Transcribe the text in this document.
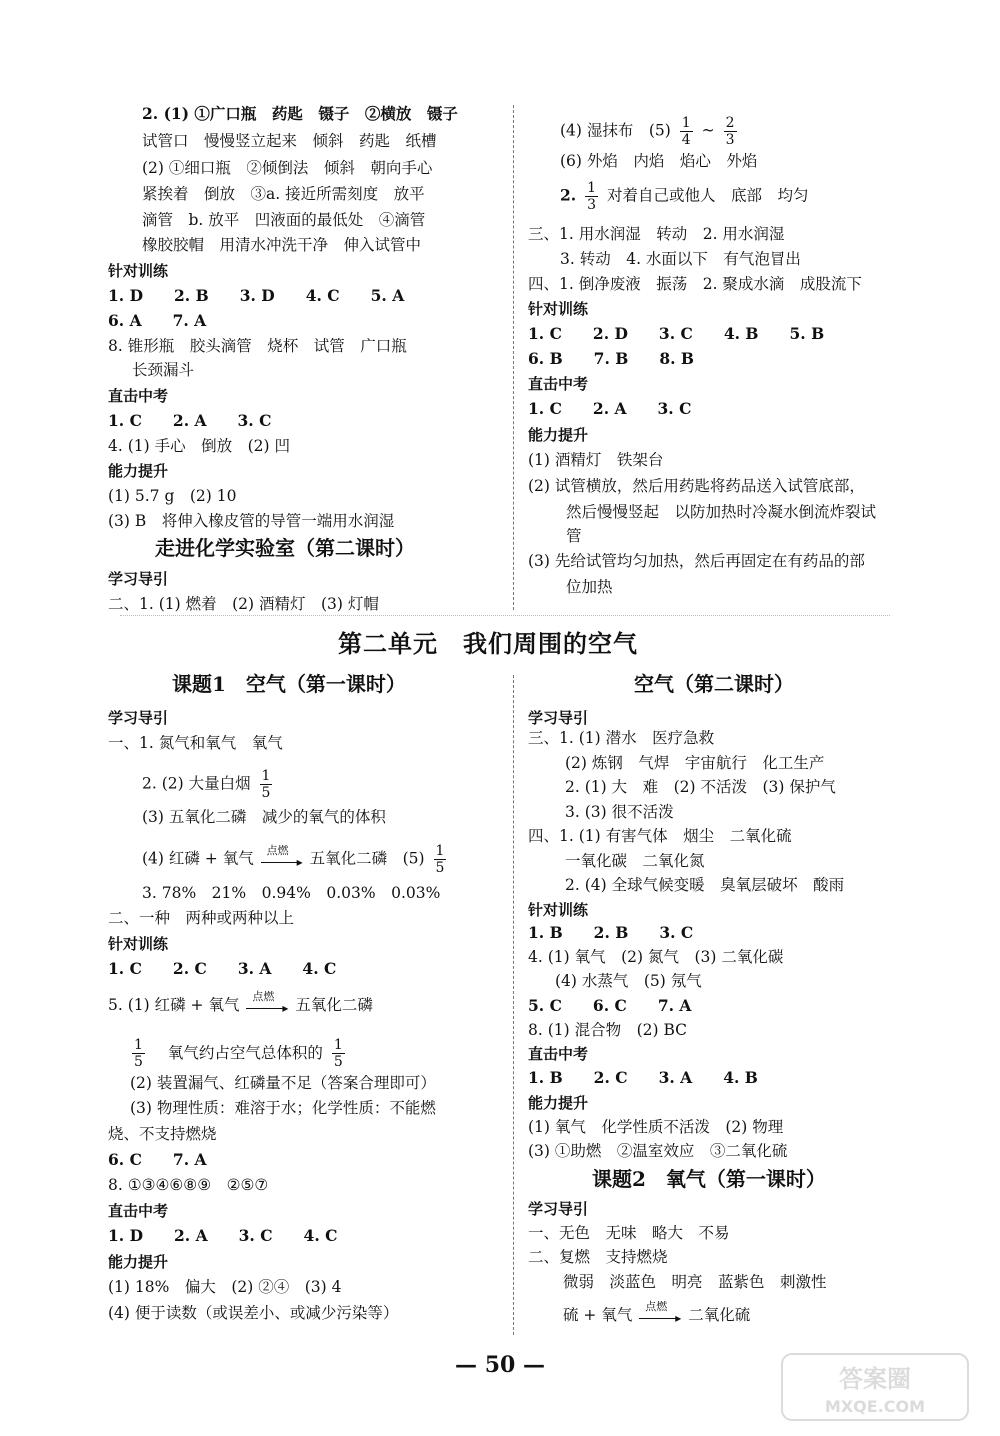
2. (1) ①广口瓶　药匙　镊子　②横放　镊子
试管口　慢慢竖立起来　倾斜　药匙　纸槽
(2) ①细口瓶　②倾倒法　倾斜　朝向手心
紧挨着　倒放　③a. 接近所需刻度　放平
滴管　b. 放平　凹液面的最低处　④滴管
橡胶胶帽　用清水冲洗干净　伸入试管中
针对训练
1. D　　2. B　　3. D　　4. C　　5. A
6. A　　7. A
8. 锥形瓶　胶头滴管　烧杯　试管　广口瓶
长颈漏斗
直击中考
1. C　　2. A　　3. C
4. (1) 手心　倒放　(2) 凹
能力提升
(1) 5.7 g　(2) 10
(3) B　将伸入橡皮管的导管一端用水润湿
走进化学实验室（第二课时）
学习导引
二、1. (1) 燃着　(2) 酒精灯　(3) 灯帽
(4) 湿抹布　$(5) \frac{1}{4}$ ~ $\frac{2}{3}$
(6) 外焰　内焰　焰心　外焰
2. $\frac{1}{3}$ 对着自己或他人　底部　均匀
三、1. 用水润湿　转动　2. 用水润湿
3. 转动　4. 水面以下　有气泡冒出
四、1. 倒净废液　振荡　2. 聚成水滴　成股流下
针对训练
1. C　　2. D　　3. C　　4. B　　5. B
6. B　　7. B　　8. B
直击中考
1. C　　2. A　　3. C
能力提升
(1) 酒精灯　铁架台
(2) 试管横放，然后用药匙将药品送入试管底部，
然后慢慢竖起　以防加热时冷凝水倒流炸裂试
管
(3) 先给试管均匀加热，然后再固定在有药品的部
位加热
第二单元　我们周围的空气
课题1　空气（第一课时）
学习导引
一、1. 氮气和氧气　氧气
2. (2) 大量白烟 $\frac{1}{5}$
(3) 五氧化二磷　减少的氧气的体积
(4) 红磷 + 氧气 点燃
▸ 五氧化二磷　$(5) \frac{1}{5}$
3. 78%　21%　0.94%　0.03%　0.03%
二、一种　两种或两种以上
针对训练
1. C　　2. C　　3. A　　4. C
5. (1) 红磷 + 氧气 点燃
▸ 五氧化二磷
$\frac{1}{5}$ 氧气约占空气总体积的 $\frac{1}{5}$
(2) 装置漏气、红磷量不足（答案合理即可）
(3) 物理性质：难溶于水；化学性质：不能燃
烧、不支持燃烧
6. C　　7. A
8. ①③④⑥⑧⑨　②⑤⑦
直击中考
1. D　　2. A　　3. C　　4. C
能力提升
(1) 18%　偏大　(2) ②④　(3) 4
(4) 便于读数（或误差小、或减少污染等）
空气（第二课时）
学习导引
三、1. (1) 潜水　医疗急救
(2) 炼钢　气焊　宇宙航行　化工生产
2. (1) 大　难　(2) 不活泼　(3) 保护气
3. (3) 很不活泼
四、1. (1) 有害气体　烟尘　二氧化硫
一氧化碳　二氧化氮
2. (4) 全球气候变暖　臭氧层破坏　酸雨
针对训练
1. B　　2. B　　3. C
4. (1) 氧气　(2) 氮气　(3) 二氧化碳
(4) 水蒸气　(5) 氖气
5. C　　6. C　　7. A
8. (1) 混合物　(2) BC
直击中考
1. B　　2. C　　3. A　　4. B
能力提升
(1) 氧气　化学性质不活泼　(2) 物理
(3) ①助燃　②温室效应　③二氧化硫
课题2　氧气（第一课时）
学习导引
一、无色　无味　略大　不易
二、复燃　支持燃烧
微弱　淡蓝色　明亮　蓝紫色　刺激性
硫 + 氧气 点燃
▸ 二氧化硫
— 50 —	答案圈
MXQE.COM
